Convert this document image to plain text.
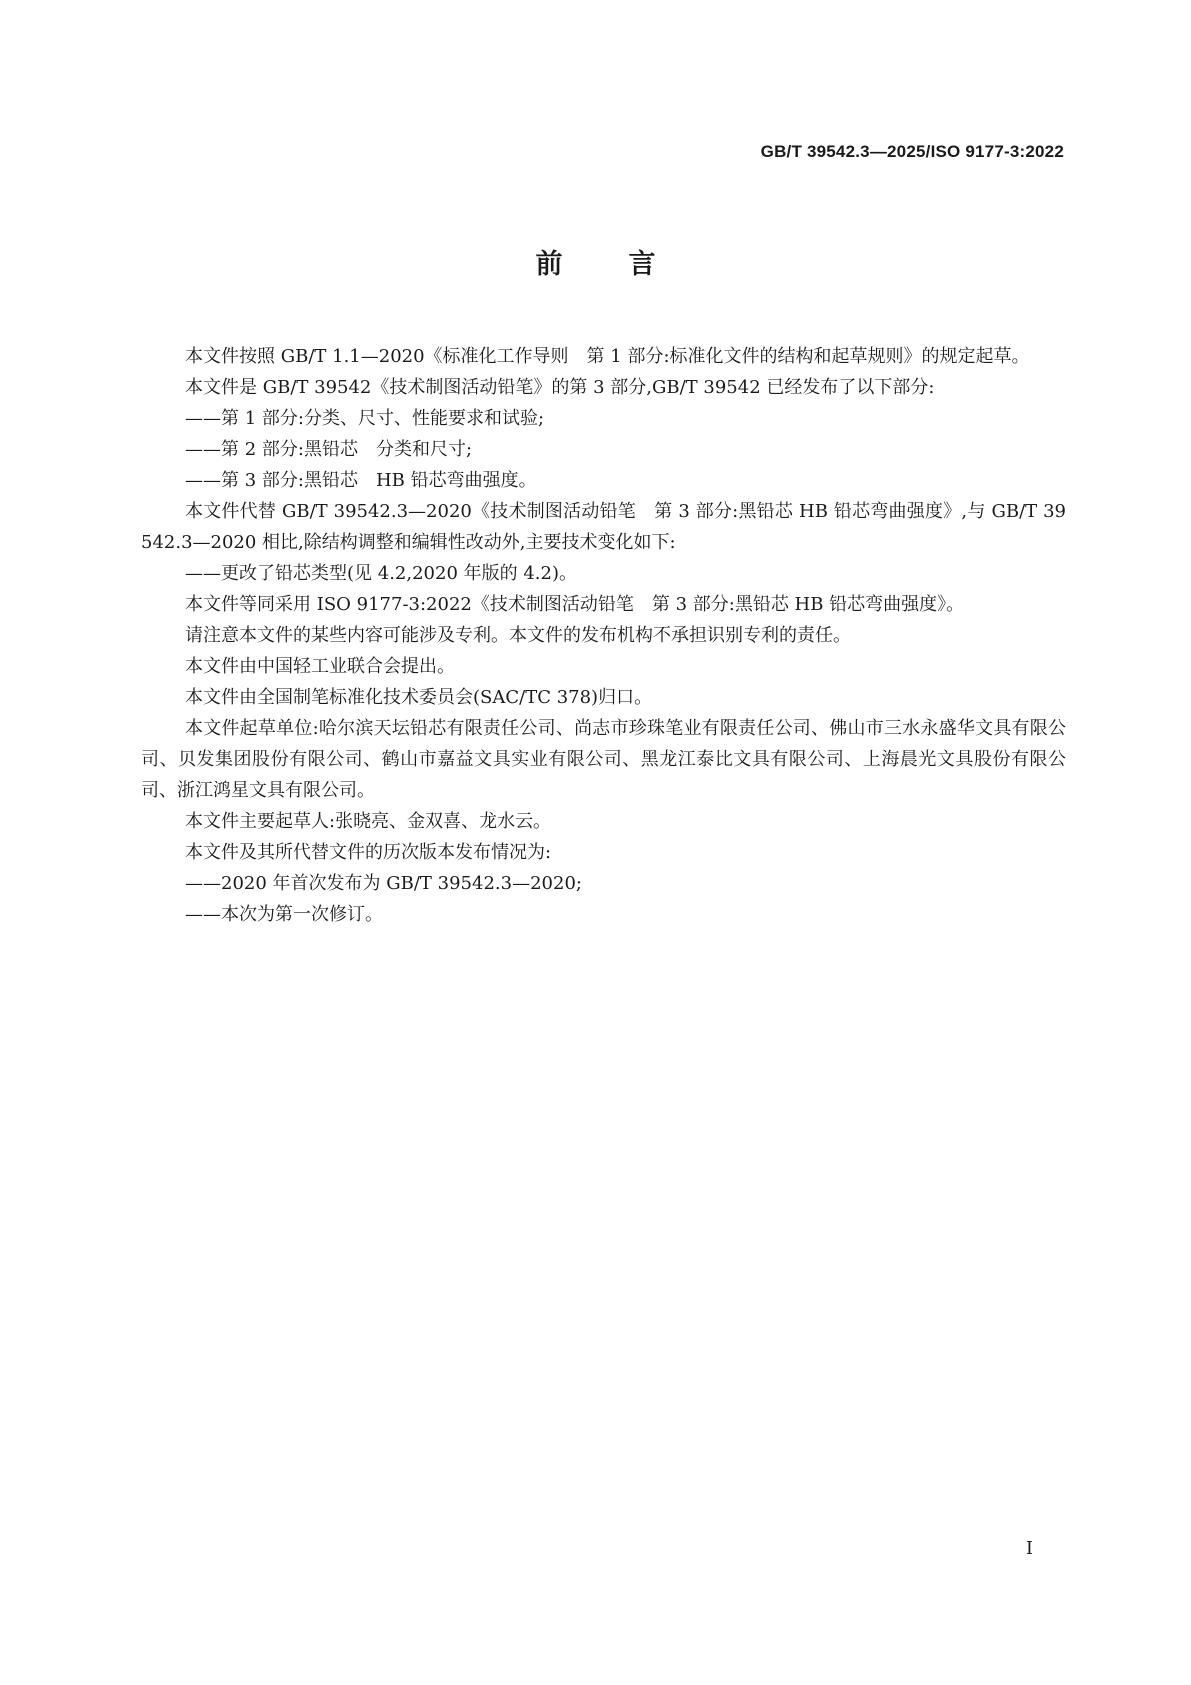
GB/T 39542.3—2025/ISO 9177-3:2022
前言

本文件按照 GB/T 1.1—2020《标准化工作导则　第 1 部分:标准化文件的结构和起草规则》的规定起草。

本文件是 GB/T 39542《技术制图活动铅笔》的第 3 部分,GB/T 39542 已经发布了以下部分:

——第 1 部分:分类、尺寸、性能要求和试验;

——第 2 部分:黑铅芯　分类和尺寸;

——第 3 部分:黑铅芯　HB 铅芯弯曲强度。

本文件代替 GB/T 39542.3—2020《技术制图活动铅笔　第 3 部分:黑铅芯 HB 铅芯弯曲强度》,与 GB/T 39542.3—2020 相比,除结构调整和编辑性改动外,主要技术变化如下:

——更改了铅芯类型(见 4.2,2020 年版的 4.2)。

本文件等同采用 ISO 9177-3:2022《技术制图活动铅笔　第 3 部分:黑铅芯 HB 铅芯弯曲强度》。

请注意本文件的某些内容可能涉及专利。本文件的发布机构不承担识别专利的责任。

本文件由中国轻工业联合会提出。

本文件由全国制笔标准化技术委员会(SAC/TC 378)归口。

本文件起草单位:哈尔滨天坛铅芯有限责任公司、尚志市珍珠笔业有限责任公司、佛山市三水永盛华文具有限公司、贝发集团股份有限公司、鹤山市嘉益文具实业有限公司、黑龙江泰比文具有限公司、上海晨光文具股份有限公司、浙江鸿星文具有限公司。

本文件主要起草人:张晓亮、金双喜、龙水云。

本文件及其所代替文件的历次版本发布情况为:

——2020 年首次发布为 GB/T 39542.3—2020;

——本次为第一次修订。

I
